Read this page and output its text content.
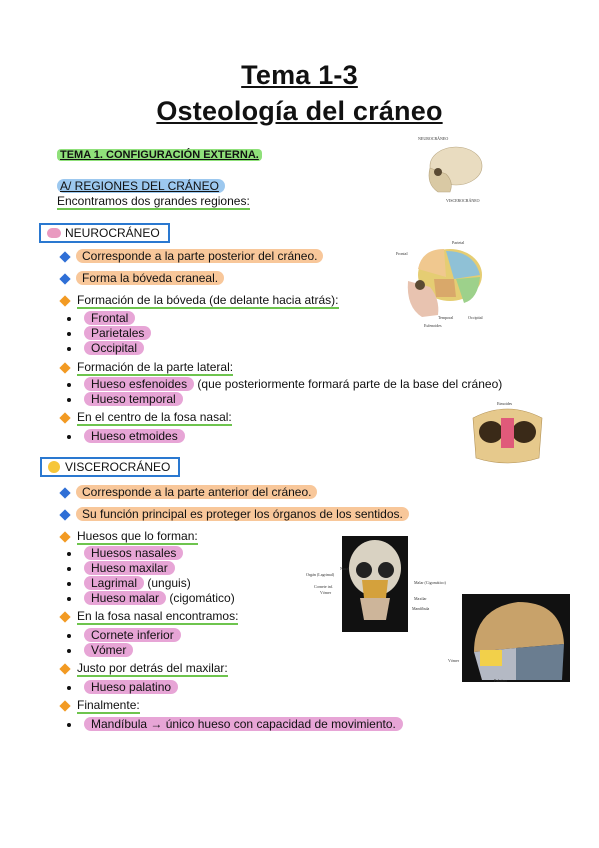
Tema 1-3
Osteología del cráneo
TEMA 1. CONFIGURACIÓN EXTERNA.
A/ REGIONES DEL CRÁNEO
Encontramos dos grandes regiones:
NEUROCRÁNEO
Corresponde a la parte posterior del cráneo.
Forma la bóveda craneal.
Formación de la bóveda (de delante hacia atrás):
Frontal
Parietales
Occipital
Formación de la parte lateral:
Hueso esfenoides (que posteriormente formará parte de la base del cráneo)
Hueso temporal
En el centro de la fosa nasal:
Hueso etmoides
VISCEROCRÁNEO
Corresponde a la parte anterior del cráneo.
Su función principal es proteger los órganos de los sentidos.
Huesos que lo forman:
Huesos nasales
Hueso maxilar
Lagrimal (unguis)
Hueso malar (cigomático)
En la fosa nasal encontramos:
Cornete inferior
Vómer
Justo por detrás del maxilar:
Hueso palatino
Finalmente:
Mandíbula → único hueso con capacidad de movimiento.
NEUROCRÁNEO
VISCEROCRÁNEO
Frontal
Parietal
Temporal	Occipital
Esfenoides
Etmoides
Nasal
Orgán (Lagrimal)
Cornete inf.
Vómer
Malar (Cigomático)
Maxilar
Mandíbula
Vómer
Palatino
